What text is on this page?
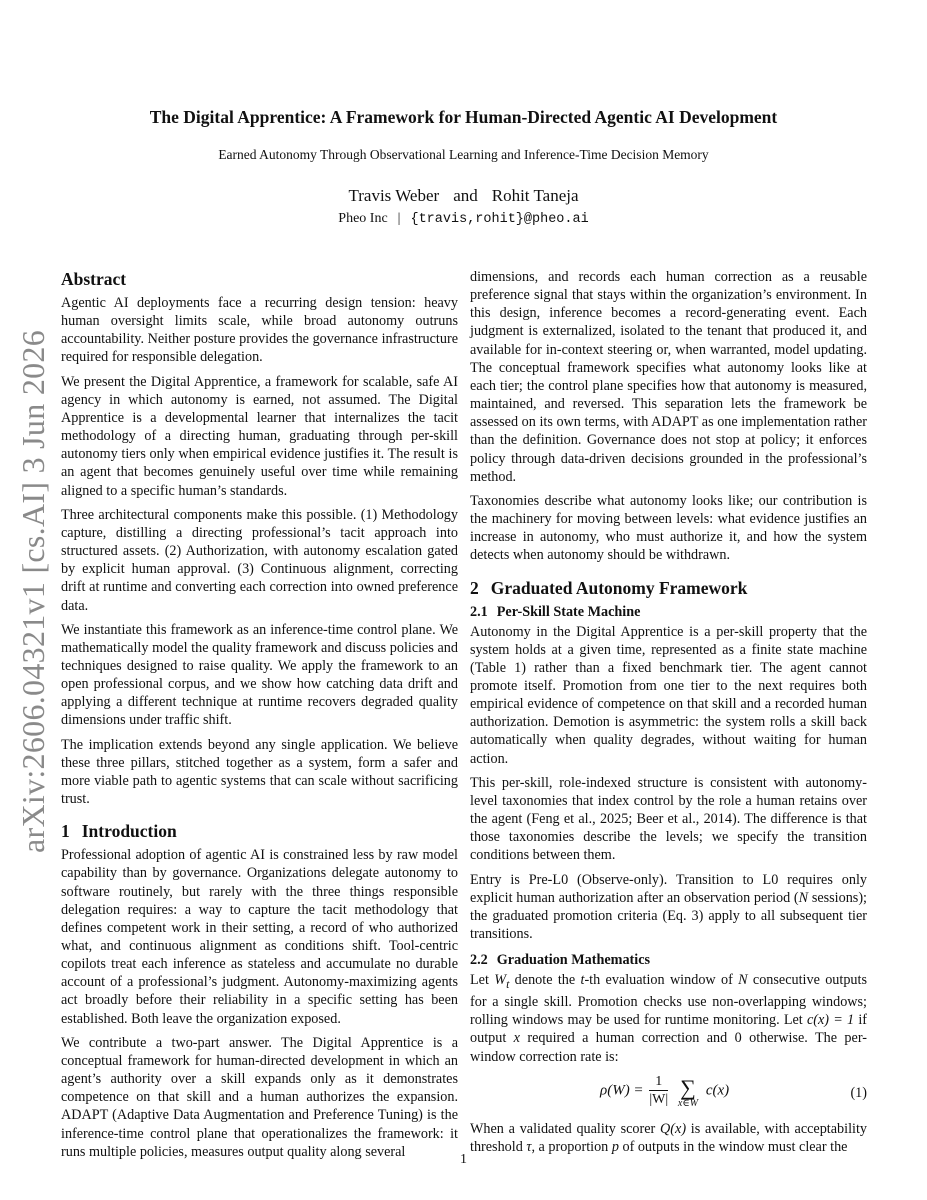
arXiv:2606.04321v1 [cs.AI] 3 Jun 2026
The Digital Apprentice: A Framework for Human-Directed Agentic AI Development
Earned Autonomy Through Observational Learning and Inference-Time Decision Memory
Travis Weber and Rohit Taneja
Pheo Inc | {travis,rohit}@pheo.ai
Abstract

Agentic AI deployments face a recurring design tension: heavy human oversight limits scale, while broad autonomy outruns accountability. Neither posture provides the governance infrastructure required for responsible delegation.

We present the Digital Apprentice, a framework for scalable, safe AI agency in which autonomy is earned, not assumed. The Digital Apprentice is a developmental learner that internalizes the tacit methodology of a directing human, graduating through per-skill autonomy tiers only when empirical evidence justifies it. The result is an agent that becomes genuinely useful over time while remaining aligned to a specific human’s standards.

Three architectural components make this possible. (1) Methodology capture, distilling a directing professional’s tacit approach into structured assets. (2) Authorization, with autonomy escalation gated by explicit human approval. (3) Continuous alignment, correcting drift at runtime and converting each correction into owned preference data.

We instantiate this framework as an inference-time control plane. We mathematically model the quality framework and discuss policies and techniques designed to raise quality. We apply the framework to an open professional corpus, and we show how catching data drift and applying a different technique at runtime recovers degraded quality dimensions under traffic shift.

The implication extends beyond any single application. We believe these three pillars, stitched together as a system, form a safer and more viable path to agentic systems that can scale without sacrificing trust.

1 Introduction

Professional adoption of agentic AI is constrained less by raw model capability than by governance. Organizations delegate autonomy to software routinely, but rarely with the three things responsible delegation requires: a way to capture the tacit methodology that defines competent work in their setting, a record of who authorized what, and continuous alignment as conditions shift. Tool-centric copilots treat each inference as stateless and accumulate no durable account of a professional’s judgment. Autonomy-maximizing agents act broadly before their reliability in a specific setting has been established. Both leave the organization exposed.

We contribute a two-part answer. The Digital Apprentice is a conceptual framework for human-directed development in which an agent’s authority over a skill expands only as it demonstrates competence on that skill and a human authorizes the expansion. ADAPT (Adaptive Data Augmentation and Preference Tuning) is the inference-time control plane that operationalizes the framework: it runs multiple policies, measures output quality along several

dimensions, and records each human correction as a reusable preference signal that stays within the organization’s environment. In this design, inference becomes a record-generating event. Each judgment is externalized, isolated to the tenant that produced it, and available for in-context steering or, when warranted, model updating. The conceptual framework specifies what autonomy looks like at each tier; the control plane specifies how that autonomy is measured, maintained, and reversed. This separation lets the framework be assessed on its own terms, with ADAPT as one implementation rather than the definition. Governance does not stop at policy; it enforces policy through data-driven decisions grounded in the professional’s method.

Taxonomies describe what autonomy looks like; our contribution is the machinery for moving between levels: what evidence justifies an increase in autonomy, who must authorize it, and how the system detects when autonomy should be withdrawn.

2 Graduated Autonomy Framework
2.1 Per-Skill State Machine

Autonomy in the Digital Apprentice is a per-skill property that the system holds at a given time, represented as a finite state machine (Table 1) rather than a fixed benchmark tier. The agent cannot promote itself. Promotion from one tier to the next requires both empirical evidence of competence on that skill and a recorded human authorization. Demotion is asymmetric: the system rolls a skill back automatically when quality degrades, without waiting for human action.

This per-skill, role-indexed structure is consistent with autonomy-level taxonomies that index control by the role a human retains over the agent (Feng et al., 2025; Beer et al., 2014). The difference is that those taxonomies describe the levels; we specify the transition conditions between them.

Entry is Pre-L0 (Observe-only). Transition to L0 requires only explicit human authorization after an observation period (N sessions); the graduated promotion criteria (Eq. 3) apply to all subsequent tier transitions.

2.2 Graduation Mathematics

Let $W_t$ denote the t-th evaluation window of N consecutive outputs for a single skill. Promotion checks use non-overlapping windows; rolling windows may be used for runtime monitoring. Let c(x) = 1 if output x required a human correction and 0 otherwise. The per-window correction rate is:

$\rho(W) = \frac{1}{|W|}$
∑
x∈W
c(x)	(1)

When a validated quality scorer Q(x) is available, with acceptability threshold τ, a proportion p of outputs in the window must clear the

1
